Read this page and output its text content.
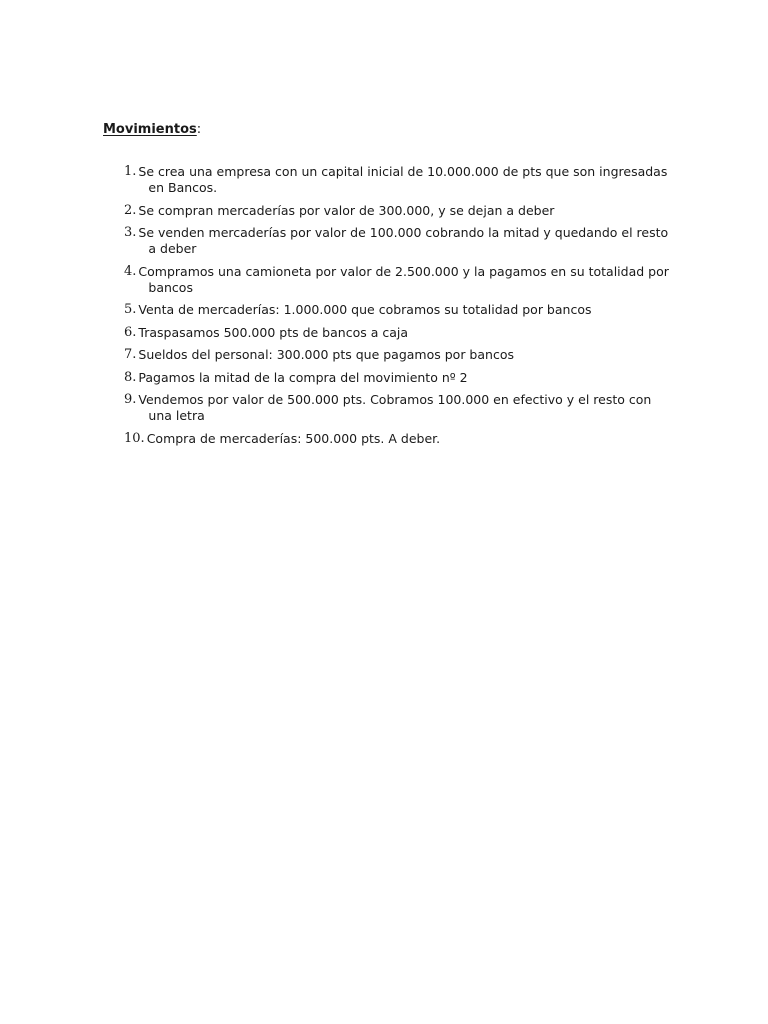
Movimientos:
1. Se crea una empresa con un capital inicial de 10.000.000 de pts que son ingresadas
en Bancos.
2. Se compran mercaderías por valor de 300.000, y se dejan a deber
3. Se venden mercaderías por valor de 100.000 cobrando la mitad y quedando el resto
a deber
4. Compramos una camioneta por valor de 2.500.000 y la pagamos en su totalidad por
bancos
5. Venta de mercaderías: 1.000.000 que cobramos su totalidad por bancos
6. Traspasamos 500.000 pts de bancos a caja
7. Sueldos del personal: 300.000 pts que pagamos por bancos
8. Pagamos la mitad de la compra del movimiento nº 2
9. Vendemos por valor de 500.000 pts. Cobramos 100.000 en efectivo y el resto con
una letra
10. Compra de mercaderías: 500.000 pts. A deber.
